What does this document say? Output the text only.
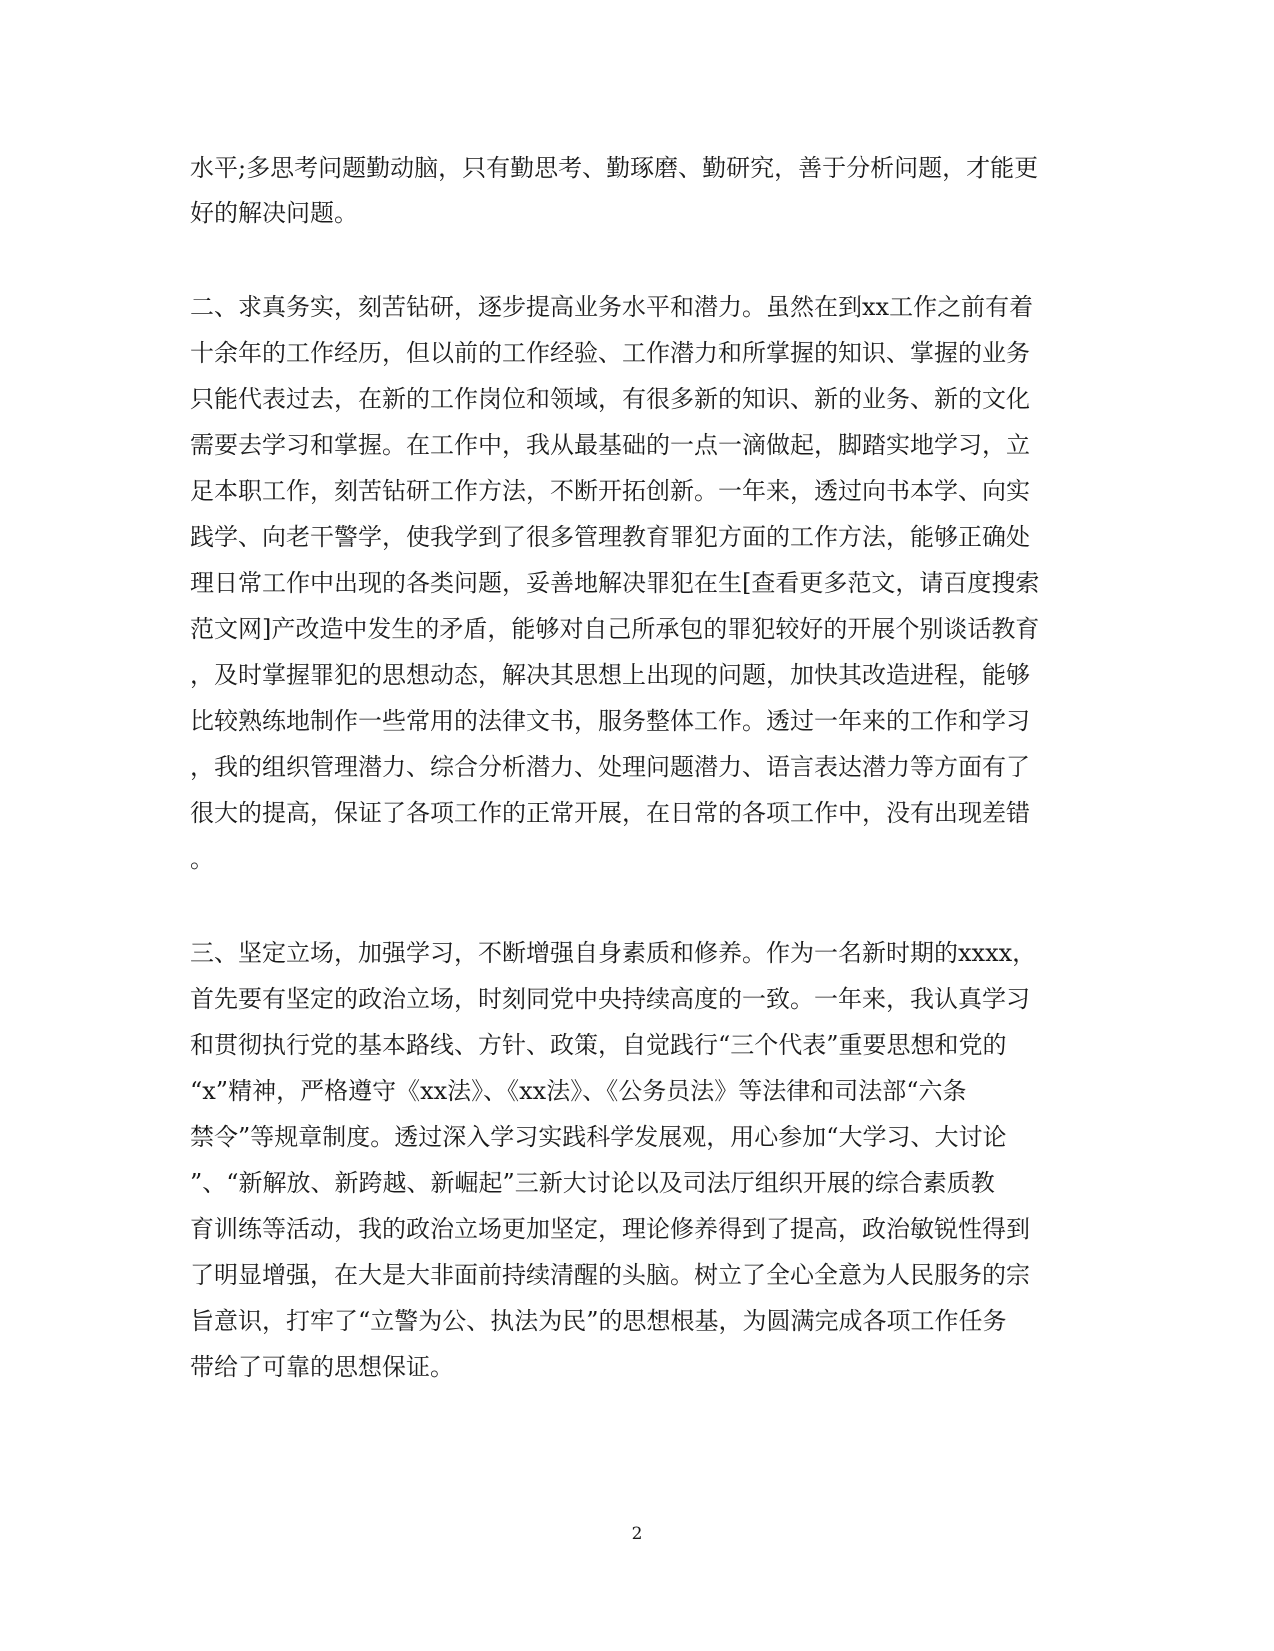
水平;多思考问题勤动脑，只有勤思考、勤琢磨、勤研究，善于分析问题，才能更
好的解决问题。
二、求真务实，刻苦钻研，逐步提高业务水平和潜力。虽然在到xx工作之前有着
十余年的工作经历，但以前的工作经验、工作潜力和所掌握的知识、掌握的业务
只能代表过去，在新的工作岗位和领域，有很多新的知识、新的业务、新的文化
需要去学习和掌握。在工作中，我从最基础的一点一滴做起，脚踏实地学习，立
足本职工作，刻苦钻研工作方法，不断开拓创新。一年来，透过向书本学、向实
践学、向老干警学，使我学到了很多管理教育罪犯方面的工作方法，能够正确处
理日常工作中出现的各类问题，妥善地解决罪犯在生[查看更多范文，请百度搜索
范文网]产改造中发生的矛盾，能够对自己所承包的罪犯较好的开展个别谈话教育
，及时掌握罪犯的思想动态，解决其思想上出现的问题，加快其改造进程，能够
比较熟练地制作一些常用的法律文书，服务整体工作。透过一年来的工作和学习
，我的组织管理潜力、综合分析潜力、处理问题潜力、语言表达潜力等方面有了
很大的提高，保证了各项工作的正常开展，在日常的各项工作中，没有出现差错
。
三、坚定立场，加强学习，不断增强自身素质和修养。作为一名新时期的xxxx，
首先要有坚定的政治立场，时刻同党中央持续高度的一致。一年来，我认真学习
和贯彻执行党的基本路线、方针、政策，自觉践行“三个代表”重要思想和党的
“x”精神，严格遵守《xx法》、《xx法》、《公务员法》等法律和司法部“六条
禁令”等规章制度。透过深入学习实践科学发展观，用心参加“大学习、大讨论
”、“新解放、新跨越、新崛起”三新大讨论以及司法厅组织开展的综合素质教
育训练等活动，我的政治立场更加坚定，理论修养得到了提高，政治敏锐性得到
了明显增强，在大是大非面前持续清醒的头脑。树立了全心全意为人民服务的宗
旨意识，打牢了“立警为公、执法为民”的思想根基，为圆满完成各项工作任务
带给了可靠的思想保证。
2
